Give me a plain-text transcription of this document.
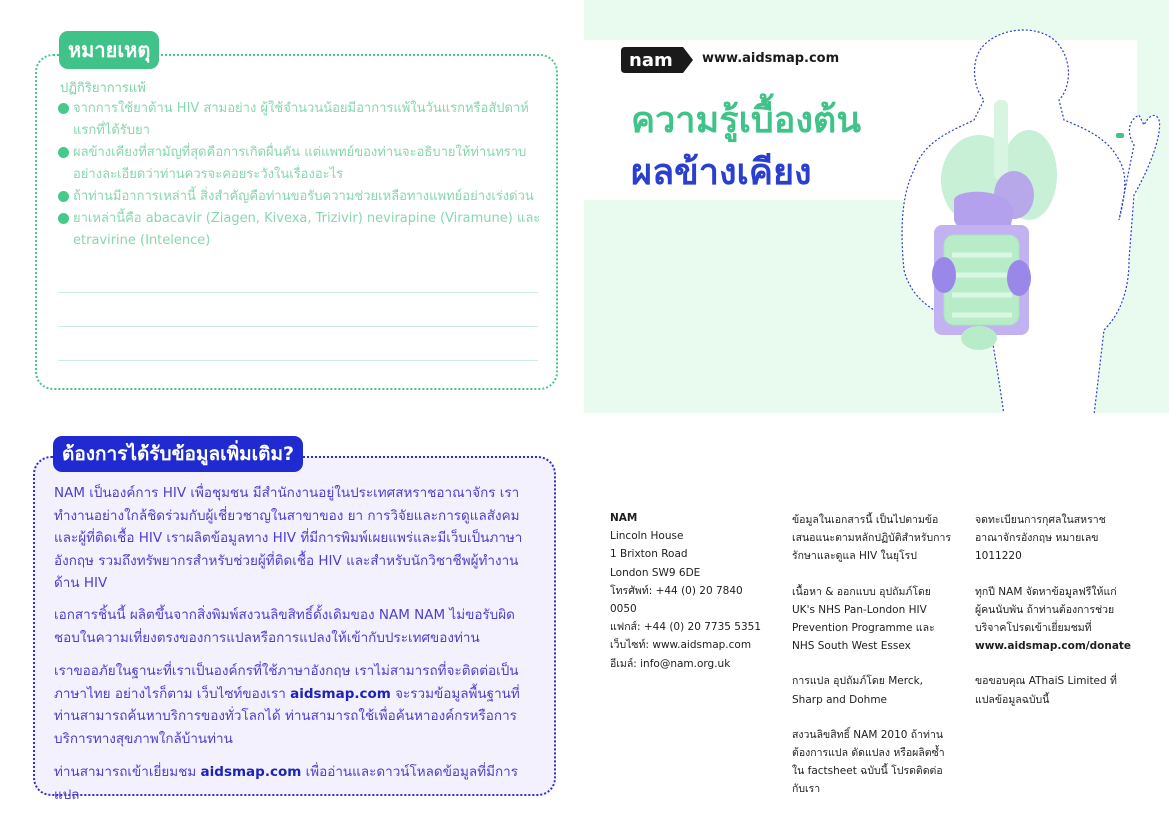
หมายเหตุ
ปฏิกิริยาการแพ้
จากการใช้ยาต้าน HIV สามอย่าง ผู้ใช้จำนวนน้อยมีอาการแพ้ในวันแรกหรือสัปดาห์แรกที่ได้รับยา
ผลข้างเคียงที่สามัญที่สุดคือการเกิดผื่นคัน แต่แพทย์ของท่านจะอธิบายให้ท่านทราบอย่างละเอียดว่าท่านควรจะคอยระวังในเรื่องอะไร
ถ้าท่านมีอาการเหล่านี้ สิ่งสำคัญคือท่านขอรับความช่วยเหลือทางแพทย์อย่างเร่งด่วน
ยาเหล่านี้คือ abacavir (Ziagen, Kivexa, Trizivir) nevirapine (Viramune) และ etravirine (Intelence)
nam www.aidsmap.com
ความรู้เบื้องต้น
ผลข้างเคียง
ต้องการได้รับข้อมูลเพิ่มเติม?
NAM เป็นองค์การ HIV เพื่อชุมชน มีสำนักงานอยู่ในประเทศสหราชอาณาจักร เราทำงานอย่างใกล้ชิดร่วมกับผู้เชี่ยวชาญในสาขาของ ยา การวิจัยและการดูแลสังคม และผู้ที่ติดเชื้อ HIV เราผลิตข้อมูลทาง HIV ที่มีการพิมพ์เผยแพร่และมีเว็บเป็นภาษาอังกฤษ รวมถึงทรัพยากรสำหรับช่วยผู้ที่ติดเชื้อ HIV และสำหรับนักวิชาชีพผู้ทำงานด้าน HIV
เอกสารชิ้นนี้ ผลิตขึ้นจากสิ่งพิมพ์สงวนลิขสิทธิ์ดั้งเดิมของ NAM NAM ไม่ขอรับผิดชอบในความเที่ยงตรงของการแปลหรือการแปลงให้เข้ากับประเทศของท่าน
เราขออภัยในฐานะที่เราเป็นองค์กรที่ใช้ภาษาอังกฤษ เราไม่สามารถที่จะติดต่อเป็นภาษาไทย อย่างไรก็ตาม เว็บไซท์ของเรา aidsmap.com จะรวมข้อมูลพื้นฐานที่ท่านสามารถค้นหาบริการของทั่วโลกได้ ท่านสามารถใช้เพื่อค้นหาองค์กรหรือการบริการทางสุขภาพใกล้บ้านท่าน
ท่านสามารถเข้าเยี่ยมชม aidsmap.com เพื่ออ่านและดาวน์โหลดข้อมูลที่มีการแปล
NAM
Lincoln House
1 Brixton Road
London SW9 6DE
โทรศัพท์: +44 (0) 20 7840 0050
แฟกส์: +44 (0) 20 7735 5351
เว็บไซท์: www.aidsmap.com
อีเมล์: info@nam.org.uk

ข้อมูลในเอกสารนี้ เป็นไปตามข้อเสนอแนะตามหลักปฏิบัติสำหรับการรักษาและดูแล HIV ในยุโรป

เนื้อหา & ออกแบบ อุปถัมภ์โดย UK's NHS Pan-London HIV Prevention Programme และ NHS South West Essex

การแปล อุปถัมภ์โดย Merck, Sharp and Dohme

สงวนลิขสิทธิ์ NAM 2010 ถ้าท่านต้องการแปล ดัดแปลง หรือผลิตซ้ำใน factsheet ฉบับนี้ โปรดติดต่อกับเรา

จดทะเบียนการกุศลในสหราชอาณาจักรอังกฤษ หมายเลข 1011220

ทุกปี NAM จัดหาข้อมูลฟรีให้แก่ผู้คนนับพัน ถ้าท่านต้องการช่วยบริจาคโปรดเข้าเยี่ยมชมที่
www.aidsmap.com/donate

ขอขอบคุณ AThaiS Limited ที่แปลข้อมูลฉบับนี้
